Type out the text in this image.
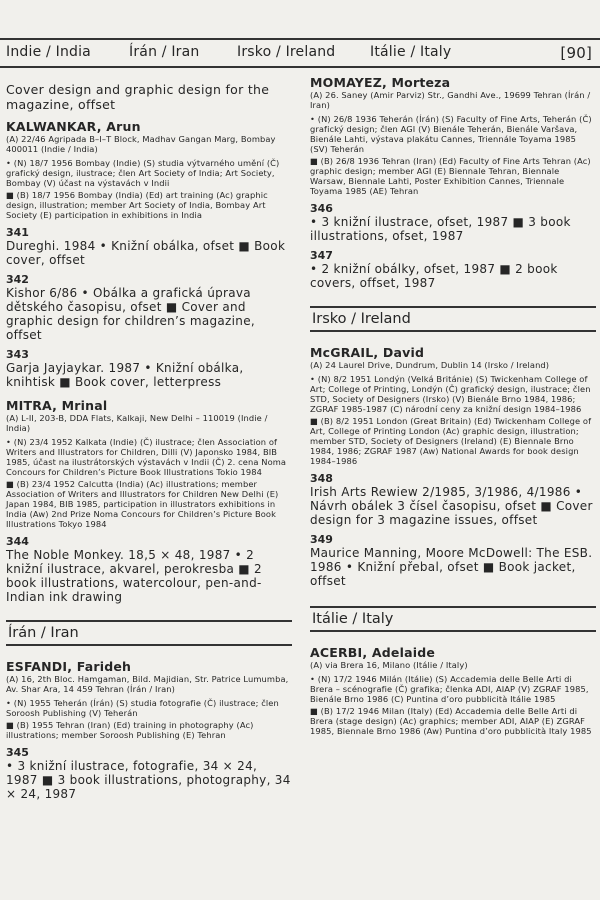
Indie / India	Írán / Iran	Irsko / Ireland Itálie / Italy	[90]
Cover design and graphic design for the magazine, offset
KALWANKAR, Arun
(A) 22/46 Agripada B–I–T Block, Madhav Gangan Marg, Bombay 400011 (Indie / India)
• (N) 18/7 1956 Bombay (Indie) (S) studia výtvarného umění (Č) grafický design, ilustrace; člen Art Society of India; Art Society, Bombay (V) účast na výstavách v Indii
■ (B) 18/7 1956 Bombay (India) (Ed) art training (Ac) graphic design, illustration; member Art Society of India, Bombay Art Society (E) participation in exhibitions in India
341
Dureghi. 1984 • Knižní obálka, ofset ■ Book cover, offset
342
Kishor 6/86 • Obálka a grafická úprava dětského časopisu, ofset ■ Cover and graphic design for children’s magazine, offset
343
Garja Jayjaykar. 1987 • Knižní obálka, knihtisk ■ Book cover, letterpress
MITRA, Mrinal
(A) L-II, 203-B, DDA Flats, Kalkaji, New Delhi – 110019 (Indie / India)
• (N) 23/4 1952 Kalkata (Indie) (Č) ilustrace; člen Association of Writers and Illustrators for Children, Dilli (V) Japonsko 1984, BIB 1985, účast na ilustrátorských výstavách v Indii (Č) 2. cena Noma Concours for Children’s Picture Book Illustrations Tokio 1984
■ (B) 23/4 1952 Calcutta (India) (Ac) illustrations; member Association of Writers and Illustrators for Children New Delhi (E) Japan 1984, BIB 1985, participation in illustrators exhibitions in India (Aw) 2nd Prize Noma Concours for Children’s Picture Book Illustrations Tokyo 1984
344
The Noble Monkey. 18,5 × 48, 1987 • 2 knižní ilustrace, akvarel, perokresba ■ 2 book illustrations, watercolour, pen-and-Indian ink drawing
Írán / Iran
ESFANDI, Farideh
(A) 16, 2th Bloc. Hamgaman, Bild. Majidian, Str. Patrice Lumumba, Av. Shar Ara, 14 459 Tehran (Írán / Iran)
• (N) 1955 Teherán (Írán) (S) studia fotografie (Č) ilustrace; člen Soroosh Publishing (V) Teherán
■ (B) 1955 Tehran (Iran) (Ed) training in photography (Ac) illustrations; member Soroosh Publishing (E) Tehran
345
• 3 knižní ilustrace, fotografie, 34 × 24, 1987 ■ 3 book illustrations, photography, 34 × 24, 1987
MOMAYEZ, Morteza
(A) 26. Saney (Amir Parviz) Str., Gandhi Ave., 19699 Tehran (Írán / Iran)
• (N) 26/8 1936 Teherán (Írán) (S) Faculty of Fine Arts, Teherán (Č) grafický design; člen AGI (V) Bienále Teherán, Bienále Varšava, Bienále Lahti, výstava plakátu Cannes, Triennále Toyama 1985 (SV) Teherán
■ (B) 26/8 1936 Tehran (Iran) (Ed) Faculty of Fine Arts Tehran (Ac) graphic design; member AGI (E) Biennale Tehran, Biennale Warsaw, Biennale Lahti, Poster Exhibition Cannes, Triennale Toyama 1985 (AE) Tehran
346
• 3 knižní ilustrace, ofset, 1987 ■ 3 book illustrations, ofset, 1987
347
• 2 knižní obálky, ofset, 1987 ■ 2 book covers, offset, 1987
Irsko / Ireland
McGRAIL, David
(A) 24 Laurel Drive, Dundrum, Dublin 14 (Irsko / Ireland)
• (N) 8/2 1951 Londýn (Velká Británie) (S) Twickenham College of Art; College of Printing, Londýn (Č) grafický design, ilustrace; člen STD, Society of Designers (Irsko) (V) Bienále Brno 1984, 1986; ZGRAF 1985-1987 (C) národní ceny za knižní design 1984–1986
■ (B) 8/2 1951 London (Great Britain) (Ed) Twickenham College of Art, College of Printing London (Ac) graphic design, illustration; member STD, Society of Designers (Ireland) (E) Biennale Brno 1984, 1986; ZGRAF 1987 (Aw) National Awards for book design 1984–1986
348
Irish Arts Rewiew 2/1985, 3/1986, 4/1986 • Návrh obálek 3 čísel časopisu, ofset ■ Cover design for 3 magazine issues, offset
349
Maurice Manning, Moore McDowell: The ESB. 1986 • Knižní přebal, ofset ■ Book jacket, offset
Itálie / Italy
ACERBI, Adelaide
(A) via Brera 16, Milano (Itálie / Italy)
• (N) 17/2 1946 Milán (Itálie) (S) Accademia delle Belle Arti di Brera – scénografie (Č) grafika; členka ADI, AIAP (V) ZGRAF 1985, Bienále Brno 1986 (C) Puntina d’oro pubblicità Itálie 1985
■ (B) 17/2 1946 Milan (Italy) (Ed) Accademia delle Belle Arti di Brera (stage design) (Ac) graphics; member ADI, AIAP (E) ZGRAF 1985, Biennale Brno 1986 (Aw) Puntina d’oro pubblicità Italy 1985
